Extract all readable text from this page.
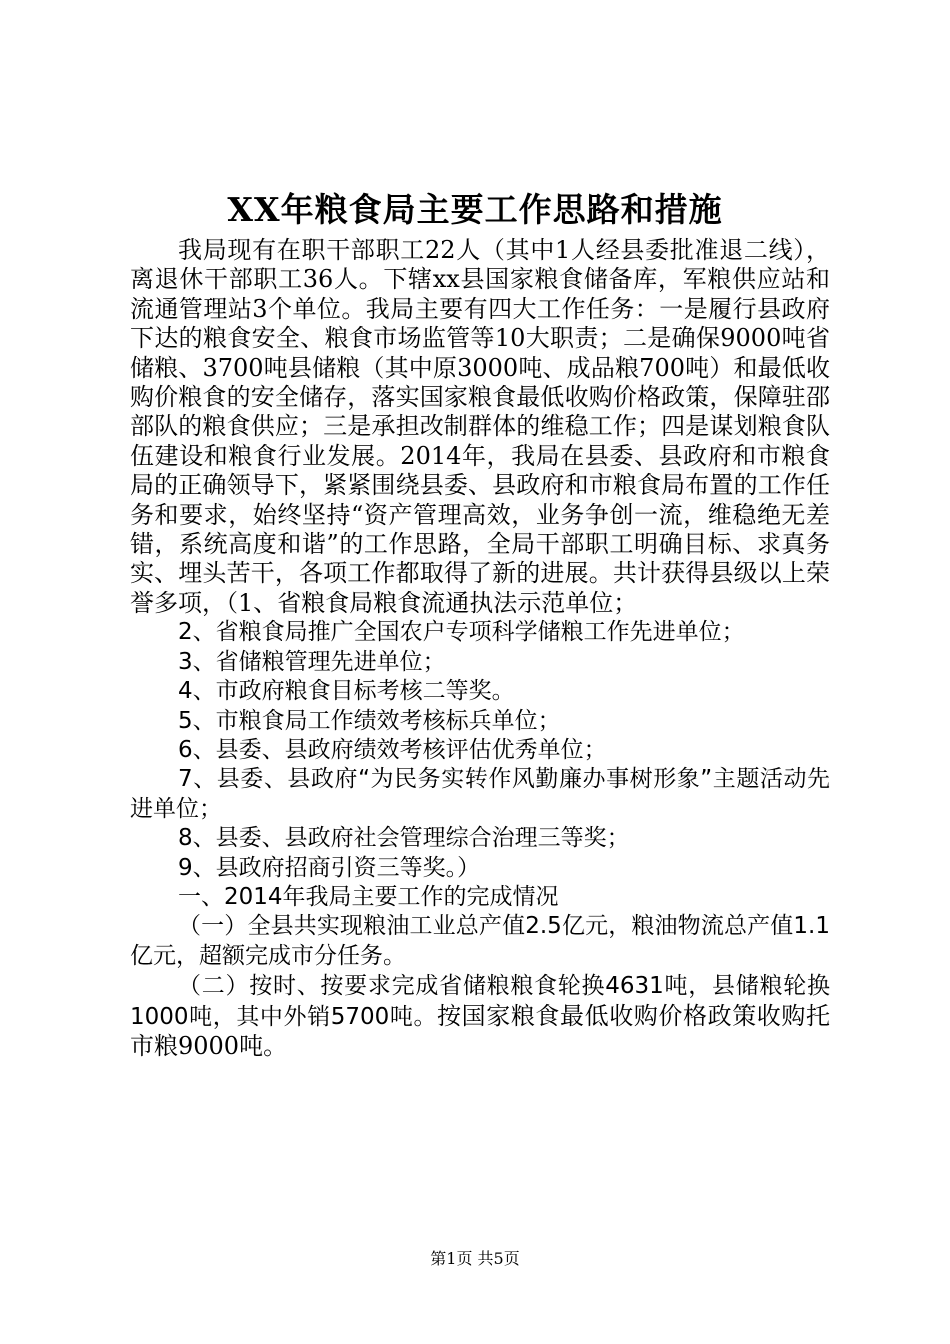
XX年粮食局主要工作思路和措施

我局现有在职干部职工22人（其中1人经县委批准退二线），离退休干部职工36人。下辖xx县国家粮食储备库，军粮供应站和流通管理站3个单位。我局主要有四大工作任务：一是履行县政府下达的粮食安全、粮食市场监管等10大职责；二是确保9000吨省储粮、3700吨县储粮（其中原3000吨、成品粮700吨）和最低收购价粮食的安全储存，落实国家粮食最低收购价格政策，保障驻邵部队的粮食供应；三是承担改制群体的维稳工作；四是谋划粮食队伍建设和粮食行业发展。2014年，我局在县委、县政府和市粮食局的正确领导下，紧紧围绕县委、县政府和市粮食局布置的工作任务和要求，始终坚持“资产管理高效，业务争创一流，维稳绝无差错，系统高度和谐”的工作思路，全局干部职工明确目标、求真务实、埋头苦干，各项工作都取得了新的进展。共计获得县级以上荣誉多项，（1、省粮食局粮食流通执法示范单位；

2、省粮食局推广全国农户专项科学储粮工作先进单位；

3、省储粮管理先进单位；

4、市政府粮食目标考核二等奖。

5、市粮食局工作绩效考核标兵单位；

6、县委、县政府绩效考核评估优秀单位；

7、县委、县政府“为民务实转作风勤廉办事树形象”主题活动先进单位；

8、县委、县政府社会管理综合治理三等奖；

9、县政府招商引资三等奖。）

一、2014年我局主要工作的完成情况

（一）全县共实现粮油工业总产值2.5亿元，粮油物流总产值1.1亿元，超额完成市分任务。

（二）按时、按要求完成省储粮粮食轮换4631吨，县储粮轮换1000吨，其中外销5700吨。按国家粮食最低收购价格政策收购托市粮9000吨。

第1页 共5页
